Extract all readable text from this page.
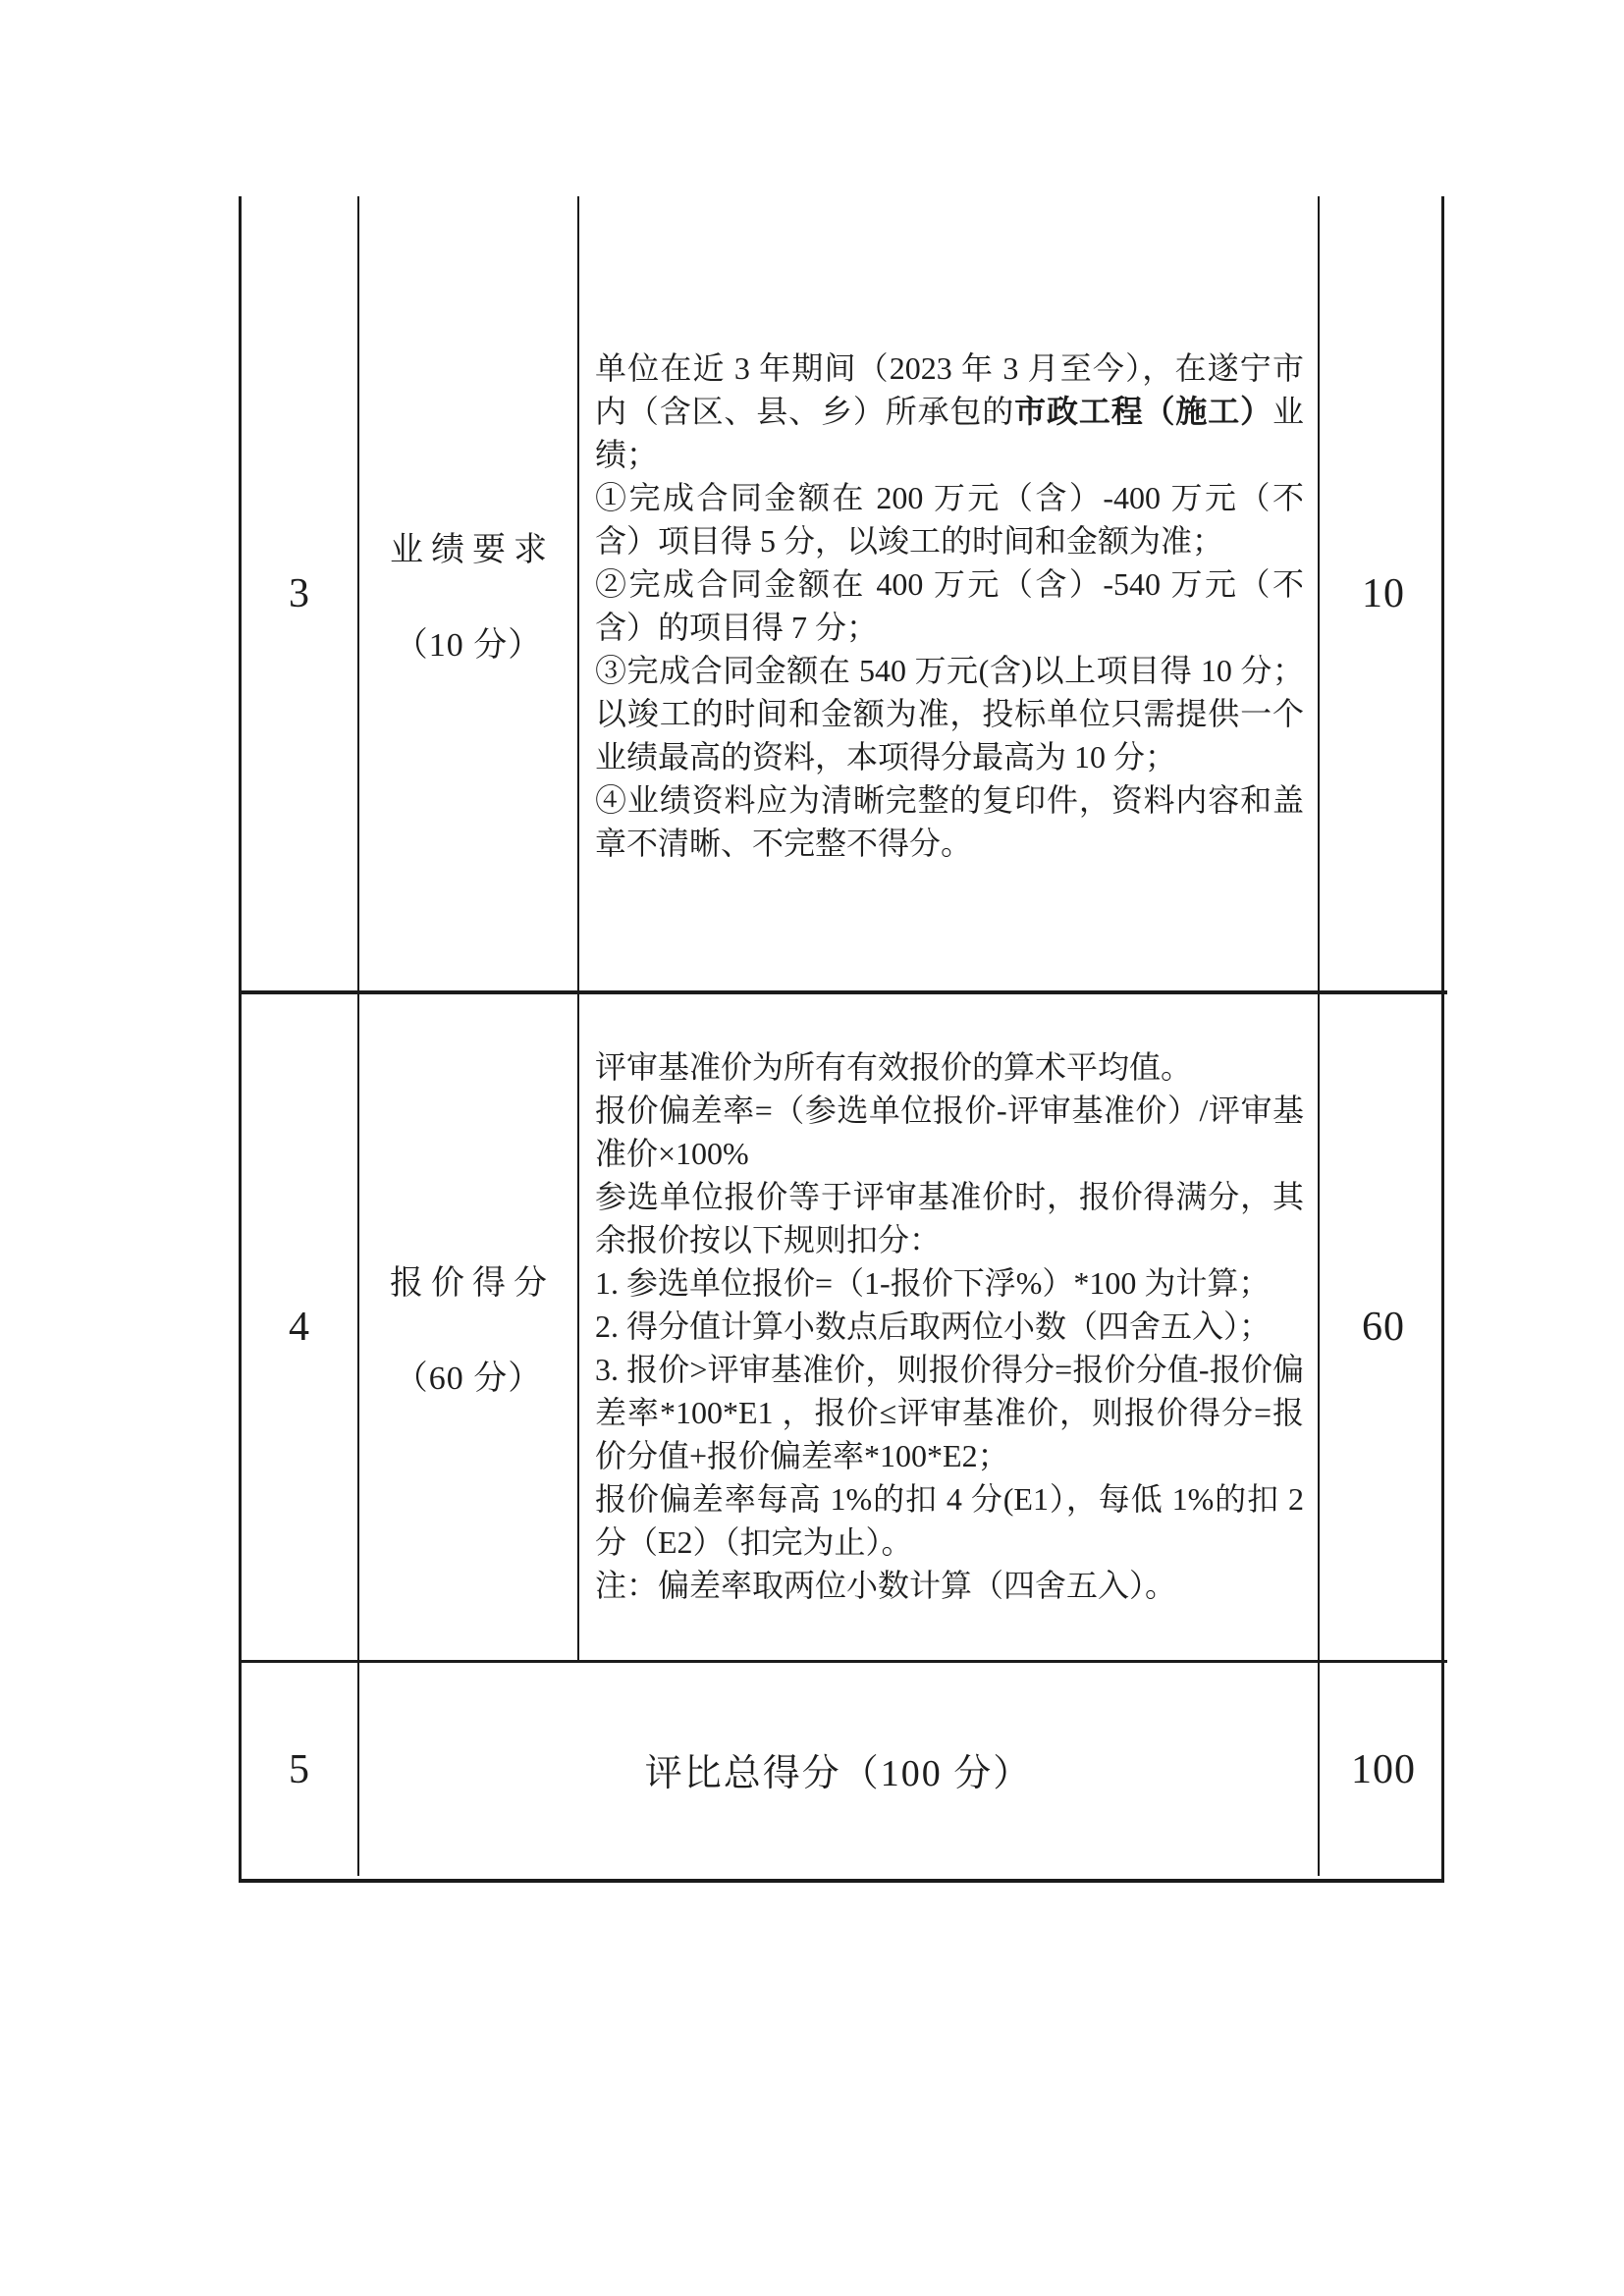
3
业绩要求
（10 分）

单位在近 3 年期间（2023 年 3 月至今），在遂宁市内（含区、县、乡）所承包的市政工程（施工）业绩；

①完成合同金额在 200 万元（含）-400 万元（不含）项目得 5 分，以竣工的时间和金额为准；

②完成合同金额在 400 万元（含）-540 万元（不含）的项目得 7 分；

③完成合同金额在 540 万元(含)以上项目得 10 分；以竣工的时间和金额为准，投标单位只需提供一个业绩最高的资料，本项得分最高为 10 分；

④业绩资料应为清晰完整的复印件，资料内容和盖章不清晰、不完整不得分。

10
4
报价得分
（60 分）

评审基准价为所有有效报价的算术平均值。

报价偏差率=（参选单位报价-评审基准价）/评审基准价×100%

参选单位报价等于评审基准价时，报价得满分，其余报价按以下规则扣分：

1. 参选单位报价=（1-报价下浮%）*100 为计算；

2. 得分值计算小数点后取两位小数（四舍五入）；

3. 报价>评审基准价，则报价得分=报价分值-报价偏差率*100*E1 ，报价≤评审基准价，则报价得分=报价分值+报价偏差率*100*E2；

报价偏差率每高 1%的扣 4 分(E1），每低 1%的扣 2 分（E2）（扣完为止）。

注：偏差率取两位小数计算（四舍五入）。

60
5	评比总得分（100 分）	100
